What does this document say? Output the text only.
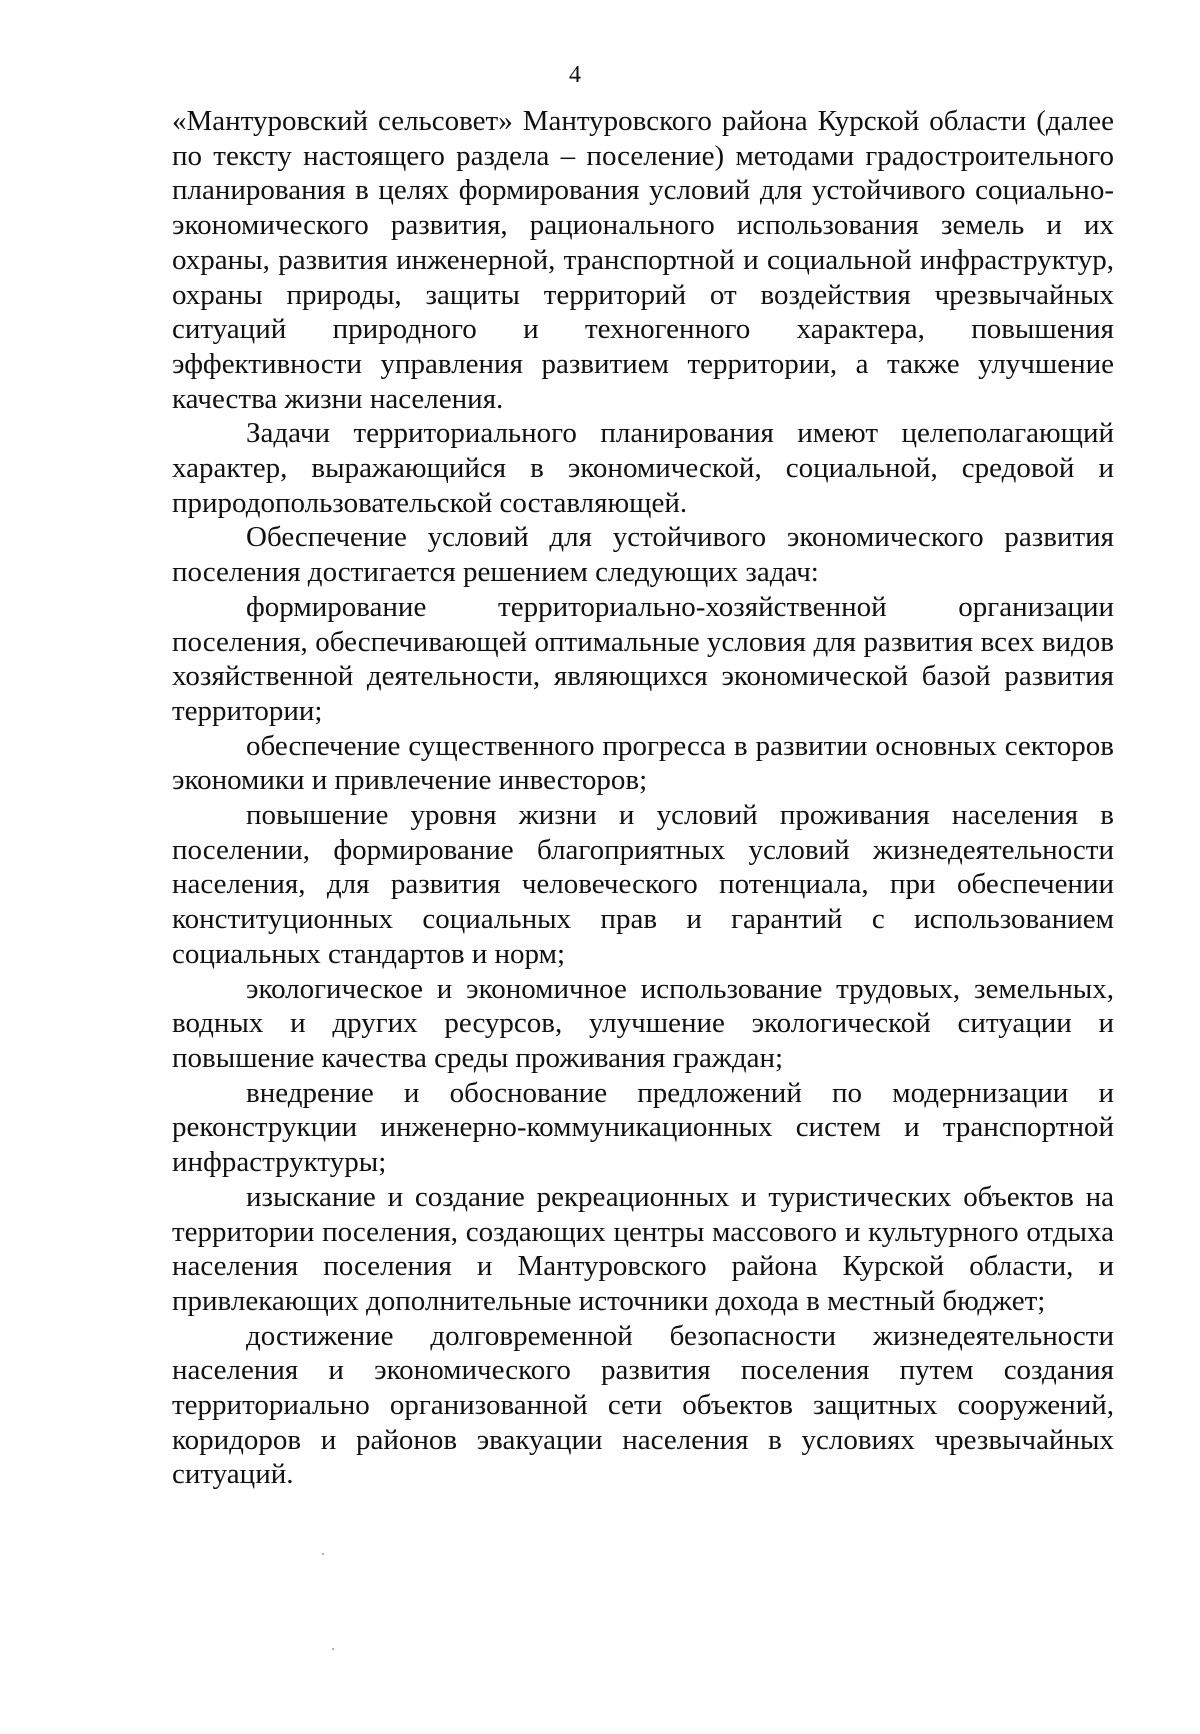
4

«Мантуровский сельсовет» Мантуровского района Курской области (далее по тексту настоящего раздела – поселение) методами градостроительного планирования в целях формирования условий для устойчивого социально-экономического развития, рационального использования земель и их охраны, развития инженерной, транспортной и социальной инфраструктур, охраны природы, защиты территорий от воздействия чрезвычайных ситуаций природного и техногенного характера, повышения эффективности управления развитием территории, а также улучшение качества жизни населения.

Задачи территориального планирования имеют целеполагающий характер, выражающийся в экономической, социальной, средовой и природопользовательской составляющей.

Обеспечение условий для устойчивого экономического развития поселения достигается решением следующих задач:

формирование территориально-хозяйственной организации поселения, обеспечивающей оптимальные условия для развития всех видов хозяйственной деятельности, являющихся экономической базой развития территории;

обеспечение существенного прогресса в развитии основных секторов экономики и привлечение инвесторов;

повышение уровня жизни и условий проживания населения в поселении, формирование благоприятных условий жизнедеятельности населения, для развития человеческого потенциала, при обеспечении конституционных социальных прав и гарантий с использованием социальных стандартов и норм;

экологическое и экономичное использование трудовых, земельных, водных и других ресурсов, улучшение экологической ситуации и повышение качества среды проживания граждан;

внедрение и обоснование предложений по модернизации и реконструкции инженерно-коммуникационных систем и транспортной инфраструктуры;

изыскание и создание рекреационных и туристических объектов на территории поселения, создающих центры массового и культурного отдыха населения поселения и Мантуровского района Курской области, и привлекающих дополнительные источники дохода в местный бюджет;

достижение долговременной безопасности жизнедеятельности населения и экономического развития поселения путем создания территориально организованной сети объектов защитных сооружений, коридоров и районов эвакуации населения в условиях чрезвычайных ситуаций.
